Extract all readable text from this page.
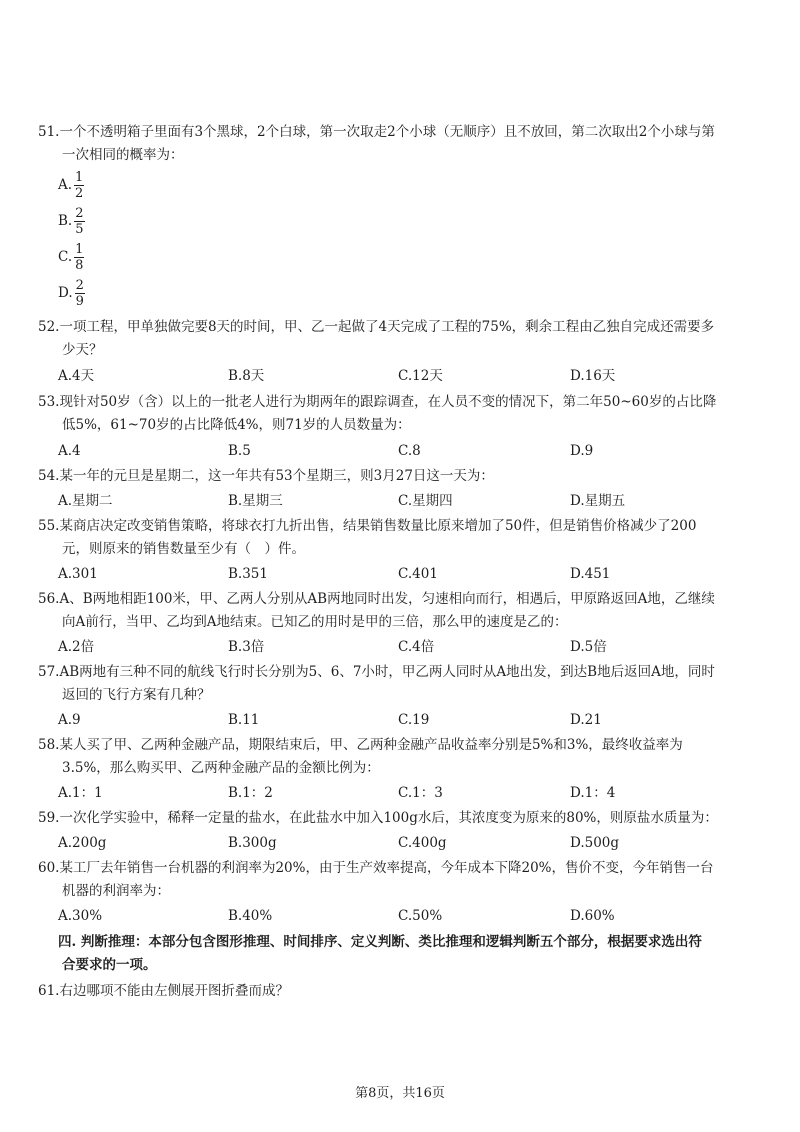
51.一个不透明箱子里面有3个黑球，2个白球，第一次取走2个小球（无顺序）且不放回，第二次取出2个小球与第
一次相同的概率为：
A. $\frac{1}{2}$
B. $\frac{2}{5}$
C. $\frac{1}{8}$
D. $\frac{2}{9}$
52.一项工程，甲单独做完要8天的时间，甲、乙一起做了4天完成了工程的75%，剩余工程由乙独自完成还需要多
少天？
A.4天	B.8天	C.12天	D.16天
53.现针对50岁（含）以上的一批老人进行为期两年的跟踪调查，在人员不变的情况下，第二年50~60岁的占比降
低5%，61~70岁的占比降低4%，则71岁的人员数量为：
A.4	B.5	C.8	D.9
54.某一年的元旦是星期二，这一年共有53个星期三，则3月27日这一天为：
A.星期二	B.星期三	C.星期四	D.星期五
55.某商店决定改变销售策略，将球衣打九折出售，结果销售数量比原来增加了50件，但是销售价格减少了200
元，则原来的销售数量至少有（　）件。
A.301	B.351	C.401	D.451
56.A、B两地相距100米，甲、乙两人分别从AB两地同时出发，匀速相向而行，相遇后，甲原路返回A地，乙继续
向A前行，当甲、乙均到A地结束。已知乙的用时是甲的三倍，那么甲的速度是乙的：
A.2倍	B.3倍	C.4倍	D.5倍
57.AB两地有三种不同的航线飞行时长分别为5、6、7小时，甲乙两人同时从A地出发，到达B地后返回A地，同时
返回的飞行方案有几种？
A.9	B.11	C.19	D.21
58.某人买了甲、乙两种金融产品，期限结束后，甲、乙两种金融产品收益率分别是5%和3%，最终收益率为
3.5%，那么购买甲、乙两种金融产品的金额比例为：
A.1：1	B.1：2	C.1：3	D.1：4
59.一次化学实验中，稀释一定量的盐水，在此盐水中加入100g水后，其浓度变为原来的80%，则原盐水质量为：
A.200g	B.300g	C.400g	D.500g
60.某工厂去年销售一台机器的利润率为20%，由于生产效率提高，今年成本下降20%，售价不变，今年销售一台
机器的利润率为：
A.30%	B.40%	C.50%	D.60%
四. 判断推理：本部分包含图形推理、时间排序、定义判断、类比推理和逻辑判断五个部分，根据要求选出符
合要求的一项。
61.右边哪项不能由左侧展开图折叠而成？
第8页，共16页
